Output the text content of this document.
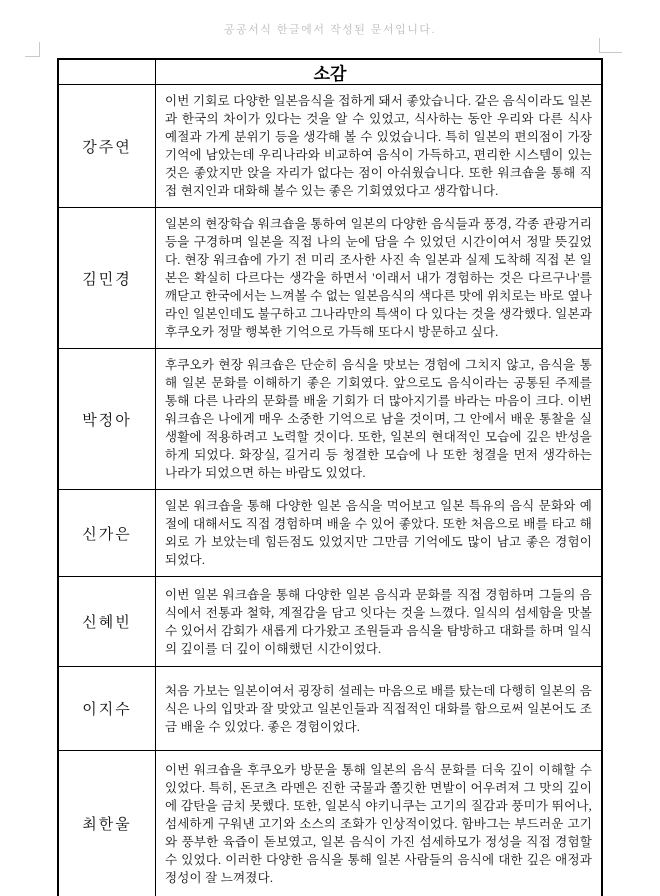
공공서식 한글에서 작성된 문서입니다.
소감
강주연

이번 기회로 다양한 일본음식을 접하게 돼서 좋았습니다. 같은 음식이라도 일본과 한국의 차이가 있다는 것을 알 수 있었고, 식사하는 동안 우리와 다른 식사 예절과 가게 분위기 등을 생각해 볼 수 있었습니다. 특히 일본의 편의점이 가장 기억에 남았는데 우리나라와 비교하여 음식이 가득하고, 편리한 시스템이 있는 것은 좋았지만 앉을 자리가 없다는 점이 아쉬웠습니다. 또한 워크숍을 통해 직접 현지인과 대화해 볼수 있는 좋은 기회였었다고 생각합니다.

김민경

일본의 현장학습 워크숍을 통하여 일본의 다양한 음식들과 풍경, 각종 관광거리 등을 구경하며 일본을 직접 나의 눈에 담을 수 있었던 시간이여서 정말 뜻깊었다. 현장 워크숍에 가기 전 미리 조사한 사진 속 일본과 실제 도착해 직접 본 일본은 확실히 다르다는 생각을 하면서 '이래서 내가 경험하는 것은 다르구나'를 깨닫고 한국에서는 느껴볼 수 없는 일본음식의 색다른 맛에 위치로는 바로 옆나라인 일본인데도 불구하고 그나라만의 특색이 다 있다는 것을 생각했다. 일본과 후쿠오카 정말 행복한 기억으로 가득해 또다시 방문하고 싶다.

박정아

후쿠오카 현장 워크숍은 단순히 음식을 맛보는 경험에 그치지 않고, 음식을 통해 일본 문화를 이해하기 좋은 기회였다. 앞으로도 음식이라는 공통된 주제를 통해 다른 나라의 문화를 배울 기회가 더 많아지기를 바라는 마음이 크다. 이번 워크숍은 나에게 매우 소중한 기억으로 남을 것이며, 그 안에서 배운 통찰을 실생활에 적용하려고 노력할 것이다. 또한, 일본의 현대적인 모습에 깊은 반성을 하게 되었다. 화장실, 길거리 등 청결한 모습에 나 또한 청결을 먼저 생각하는 나라가 되었으면 하는 바람도 있었다.

신가은

일본 워크숍을 통해 다양한 일본 음식을 먹어보고 일본 특유의 음식 문화와 예절에 대해서도 직접 경험하며 배울 수 있어 좋았다. 또한 처음으로 배를 타고 해외로 가 보았는데 힘든점도 있었지만 그만큼 기억에도 많이 남고 좋은 경험이 되었다.

신혜빈

이번 일본 워크숍을 통해 다양한 일본 음식과 문화를 직접 경험하며 그들의 음식에서 전통과 철학, 계절감을 담고 잇다는 것을 느꼈다. 일식의 섬세함을 맛볼 수 있어서 감회가 새롭게 다가왔고 조원들과 음식을 탐방하고 대화를 하며 일식의 깊이를 더 깊이 이해했던 시간이었다.

이지수

처음 가보는 일본이여서 굉장히 설레는 마음으로 배를 탔는데 다행히 일본의 음식은 나의 입맛과 잘 맞았고 일본인들과 직접적인 대화를 함으로써 일본어도 조금 배울 수 있었다. 좋은 경험이었다.

최한울

이번 워크숍을 후쿠오카 방문을 통해 일본의 음식 문화를 더욱 깊이 이해할 수 있었다. 특히, 돈코츠 라멘은 진한 국물과 쫄깃한 면발이 어우려져 그 맛의 깊이에 감탄을 금치 못했다. 또한, 일본식 야키니쿠는 고기의 질감과 풍미가 뛰어나, 섬세하게 구워낸 고기와 소스의 조화가 인상적이었다. 함바그는 부드러운 고기와 풍부한 육즙이 돋보였고, 일본 음식이 가진 섬세하모가 정성을 직접 경험할 수 있었다. 이러한 다양한 음식을 통해 일본 사람들의 음식에 대한 깊은 애정과 정성이 잘 느껴졌다.
